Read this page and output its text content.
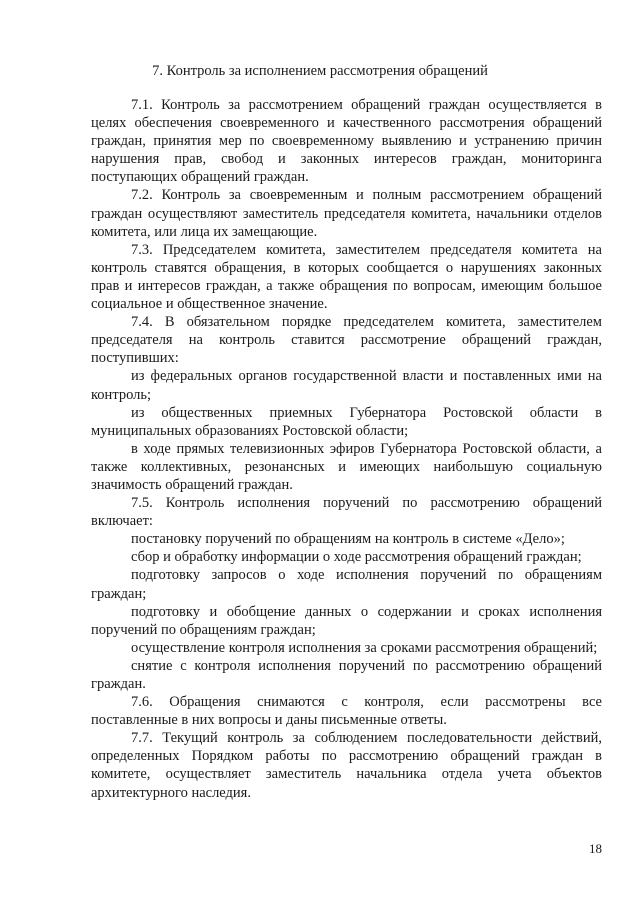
7. Контроль за исполнением рассмотрения обращений

7.1. Контроль за рассмотрением обращений граждан осуществляется в целях обеспечения своевременного и качественного рассмотрения обращений граждан, принятия мер по своевременному выявлению и устранению причин нарушения прав, свобод и законных интересов граждан, мониторинга поступающих обращений граждан.

7.2. Контроль за своевременным и полным рассмотрением обращений граждан осуществляют заместитель председателя комитета, начальники отделов комитета, или лица их замещающие.

7.3. Председателем комитета, заместителем председателя комитета на контроль ставятся обращения, в которых сообщается о нарушениях законных прав и интересов граждан, а также обращения по вопросам, имеющим большое социальное и общественное значение.

7.4. В обязательном порядке председателем комитета, заместителем председателя на контроль ставится рассмотрение обращений граждан, поступивших:

из федеральных органов государственной власти и поставленных ими на контроль;

из общественных приемных Губернатора Ростовской области в муниципальных образованиях Ростовской области;

в ходе прямых телевизионных эфиров Губернатора Ростовской области, а также коллективных, резонансных и имеющих наибольшую социальную значимость обращений граждан.

7.5. Контроль исполнения поручений по рассмотрению обращений включает:

постановку поручений по обращениям на контроль в системе «Дело»;

сбор и обработку информации о ходе рассмотрения обращений граждан;

подготовку запросов о ходе исполнения поручений по обращениям граждан;

подготовку и обобщение данных о содержании и сроках исполнения поручений по обращениям граждан;

осуществление контроля исполнения за сроками рассмотрения обращений;

снятие с контроля исполнения поручений по рассмотрению обращений граждан.

7.6. Обращения снимаются с контроля, если рассмотрены все поставленные в них вопросы и даны письменные ответы.

7.7. Текущий контроль за соблюдением последовательности действий, определенных Порядком работы по рассмотрению обращений граждан в комитете, осуществляет заместитель начальника отдела учета объектов архитектурного наследия.

18
